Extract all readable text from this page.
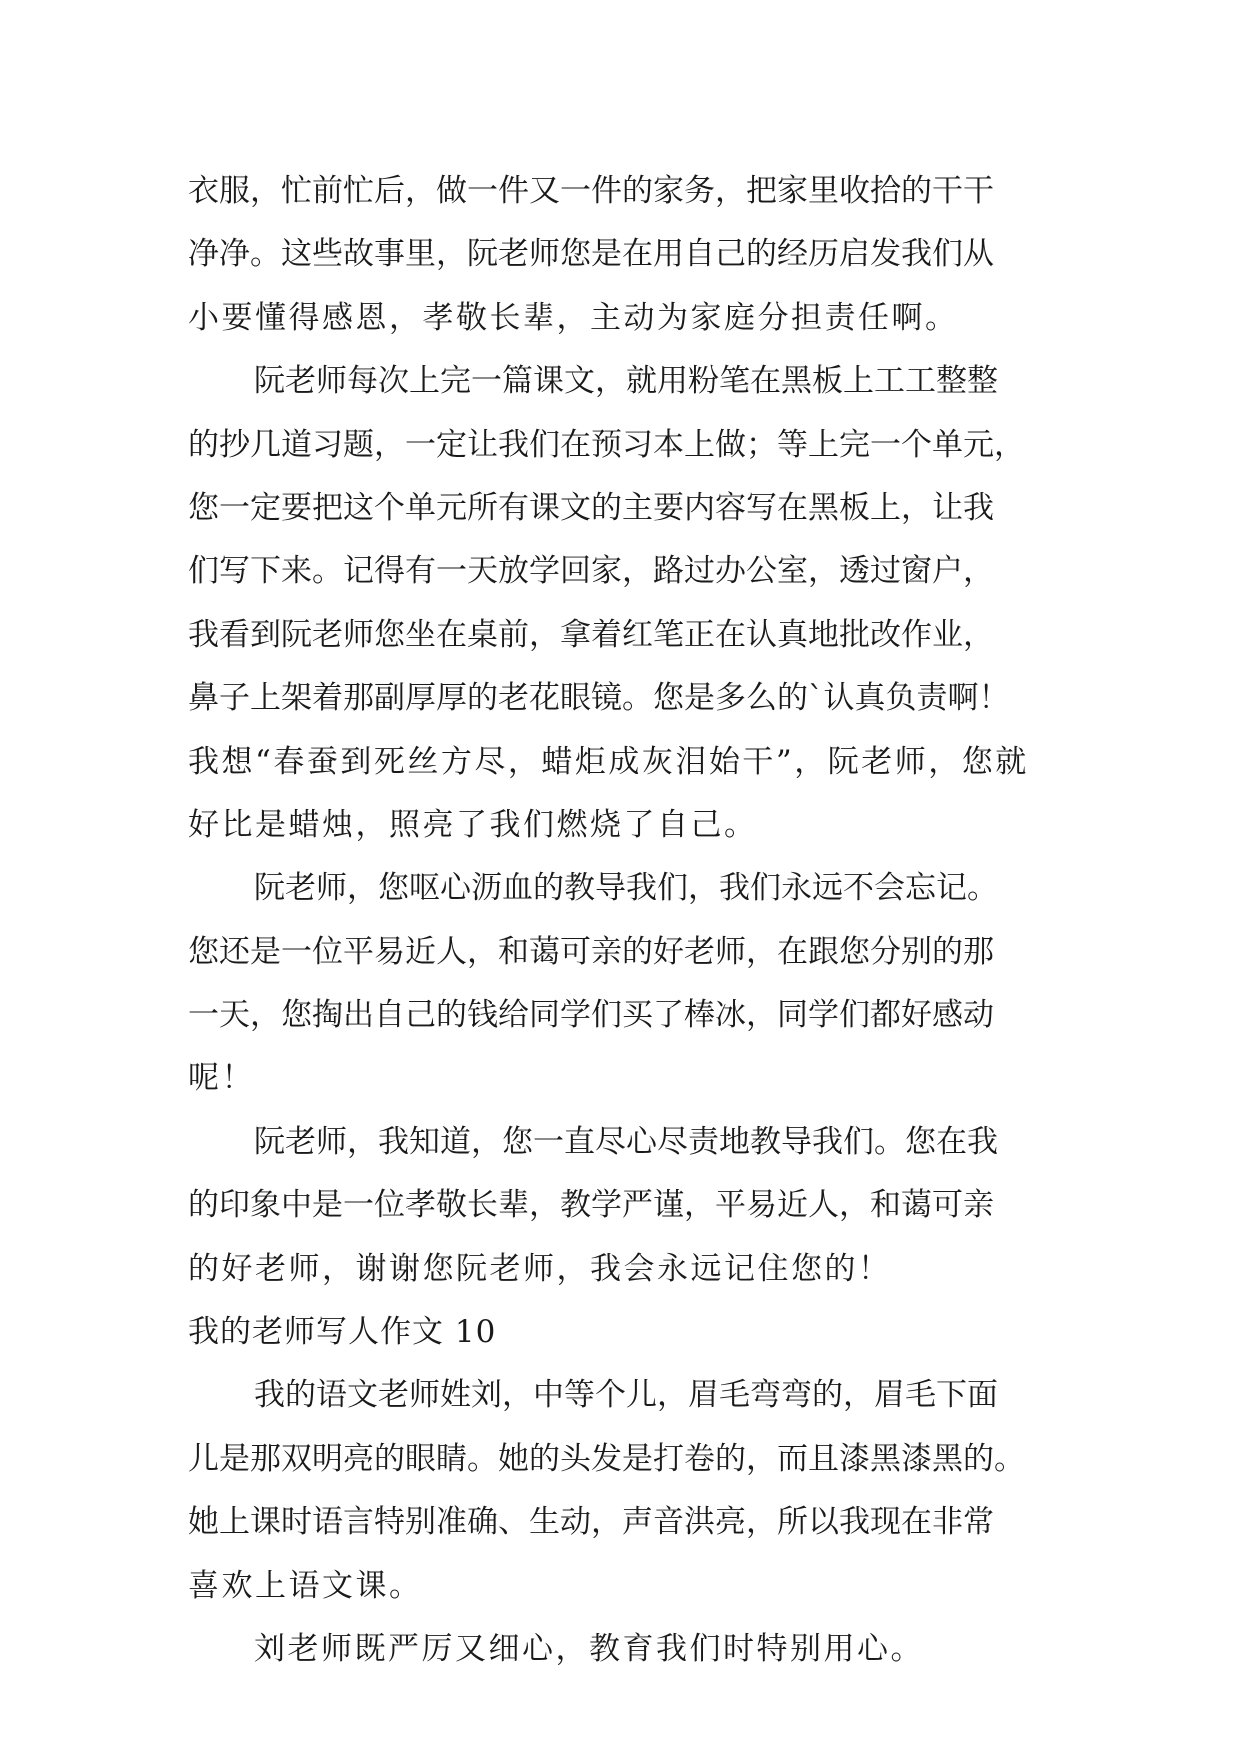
衣服，忙前忙后，做一件又一件的家务，把家里收拾的干干
净净。这些故事里，阮老师您是在用自己的经历启发我们从
小要懂得感恩，孝敬长辈，主动为家庭分担责任啊。
阮老师每次上完一篇课文，就用粉笔在黑板上工工整整
的抄几道习题，一定让我们在预习本上做；等上完一个单元，
您一定要把这个单元所有课文的主要内容写在黑板上，让我
们写下来。记得有一天放学回家，路过办公室，透过窗户，
我看到阮老师您坐在桌前，拿着红笔正在认真地批改作业，
鼻子上架着那副厚厚的老花眼镜。您是多么的`认真负责啊！
我想“春蚕到死丝方尽，蜡炬成灰泪始干”，阮老师，您就
好比是蜡烛，照亮了我们燃烧了自己。
阮老师，您呕心沥血的教导我们，我们永远不会忘记。
您还是一位平易近人，和蔼可亲的好老师，在跟您分别的那
一天，您掏出自己的钱给同学们买了棒冰，同学们都好感动
呢！
阮老师，我知道，您一直尽心尽责地教导我们。您在我
的印象中是一位孝敬长辈，教学严谨，平易近人，和蔼可亲
的好老师，谢谢您阮老师，我会永远记住您的！
我的老师写人作文 10
我的语文老师姓刘，中等个儿，眉毛弯弯的，眉毛下面
儿是那双明亮的眼睛。她的头发是打卷的，而且漆黑漆黑的。
她上课时语言特别准确、生动，声音洪亮，所以我现在非常
喜欢上语文课。
刘老师既严厉又细心，教育我们时特别用心。
